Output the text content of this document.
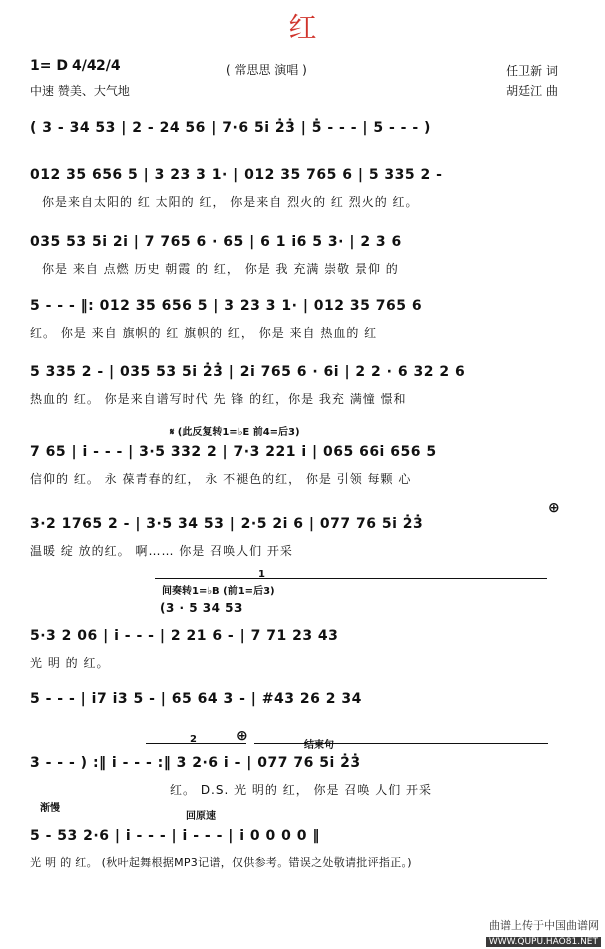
红
1= D 4/4 2/4	( 常思思 演唱 )
中速 赞美、大气地
任卫新 词
胡廷江 曲
( 3 - 34 53 | 2 - 24 56 | 7·6 5i 2̇3̇ | 5̇ - - - | 5 - - - )
012 35 656 5 | 3 23 3 1· | 012 35 765 6 | 5 335 2 -
你是来自太阳的 红 太阳的 红， 你是来自 烈火的 红 烈火的 红。
035 53 5i 2i | 7 765 6 · 65 | 6 1 i6 5 3· | 2 3 6
你是 来自 点燃 历史 朝霞 的 红， 你是 我 充满 崇敬 景仰 的
5 - - - ‖: 012 35 656 5 | 3 23 3 1· | 012 35 765 6
红。 你是 来自 旗帜的 红 旗帜的 红， 你是 来自 热血的 红
5 335 2 - | 035 53 5i 2̇3̇ | 2i 765 6 · 6i | 2 2 · 6 32 2 6
热血的 红。 你是来自谱写时代 先 锋 的红，你是 我充 满憧 憬和
𝄋 (此反复转1=♭E 前4=后3)
7 65 | i - - - | 3·5 332 2 | 7·3 221 i | 065 66i 656 5
信仰的 红。 永 葆青春的红， 永 不褪色的红， 你是 引领 每颗 心
⊕
3·2 1765 2 - | 3·5 34 53 | 2·5 2i 6 | 077 76 5i 2̇3̇
温暖 绽 放的红。 啊…… 你是 召唤人们 开采
间奏转1=♭B (前1=后3)
1
(3 · 5 34 53
5·3 2 06 | i - - - | 2 21 6 - | 7 71 23 43
光 明 的 红。
5 - - - | i7 i3 5 - | 65 64 3 - | #43 26 2 34
2	⊕
结束句
3 - - - ) :‖ i - - - :‖ 3 2·6 i - | 077 76 5i 2̇3̇
红。 D.S. 光 明的 红， 你是 召唤 人们 开采
渐慢
回原速
5 - 53 2·6 | i - - - | i - - - | i 0 0 0 0 ‖
光 明 的 红。 (秋叶起舞根据MP3记谱，仅供参考。错误之处敬请批评指正。)
曲谱上传于中国曲谱网
WWW.QUPU.HAO81.NET
